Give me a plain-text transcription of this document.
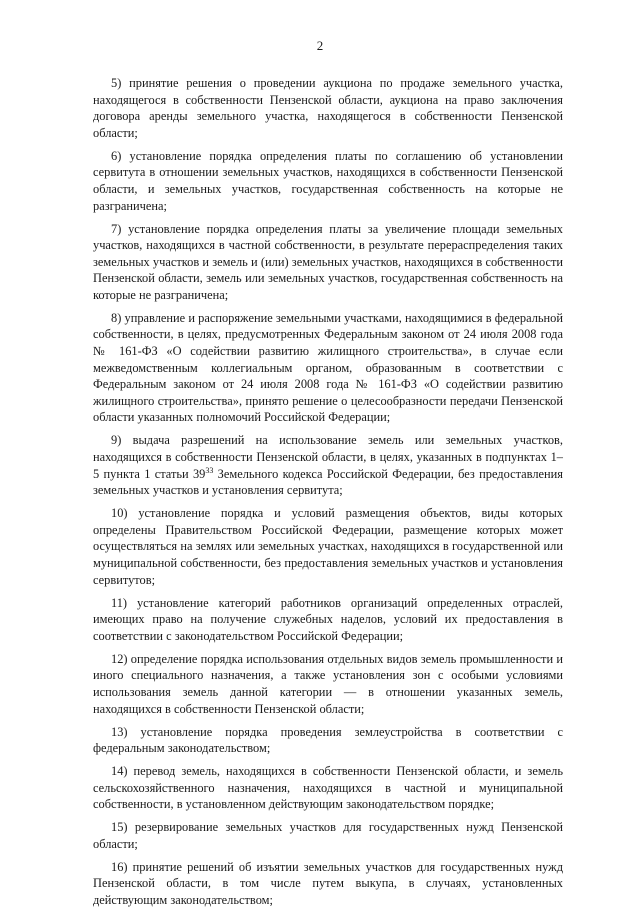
2

5) принятие решения о проведении аукциона по продаже земельного участка, находящегося в собственности Пензенской области, аукциона на право заключения договора аренды земельного участка, находящегося в собственности Пензенской области;

6) установление порядка определения платы по соглашению об установлении сервитута в отношении земельных участков, находящихся в собственности Пензенской области, и земельных участков, государственная собственность на которые не разграничена;

7) установление порядка определения платы за увеличение площади земельных участков, находящихся в частной собственности, в результате перераспределения таких земельных участков и земель и (или) земельных участков, находящихся в собственности Пензенской области, земель или земельных участков, государственная собственность на которые не разграничена;

8) управление и распоряжение земельными участками, находящимися в федеральной собственности, в целях, предусмотренных Федеральным законом от 24 июля 2008 года № 161-ФЗ «О содействии развитию жилищного строительства», в случае если межведомственным коллегиальным органом, образованным в соответствии с Федеральным законом от 24 июля 2008 года № 161-ФЗ «О содействии развитию жилищного строительства», принято решение о целесообразности передачи Пензенской области указанных полномочий Российской Федерации;

9) выдача разрешений на использование земель или земельных участков, находящихся в собственности Пензенской области, в целях, указанных в подпунктах 1–5 пункта 1 статьи $39^{33}$ Земельного кодекса Российской Федерации, без предоставления земельных участков и установления сервитута;

10) установление порядка и условий размещения объектов, виды которых определены Правительством Российской Федерации, размещение которых может осуществляться на землях или земельных участках, находящихся в государственной или муниципальной собственности, без предоставления земельных участков и установления сервитутов;

11) установление категорий работников организаций определенных отраслей, имеющих право на получение служебных наделов, условий их предоставления в соответствии с законодательством Российской Федерации;

12) определение порядка использования отдельных видов земель промышленности и иного специального назначения, а также установления зон с особыми условиями использования земель данной категории — в отношении указанных земель, находящихся в собственности Пензенской области;

13) установление порядка проведения землеустройства в соответствии с федеральным законодательством;

14) перевод земель, находящихся в собственности Пензенской области, и земель сельскохозяйственного назначения, находящихся в частной и муниципальной собственности, в установленном действующим законодательством порядке;

15) резервирование земельных участков для государственных нужд Пензенской области;

16) принятие решений об изъятии земельных участков для государственных нужд Пензенской области, в том числе путем выкупа, в случаях, установленных действующим законодательством;
